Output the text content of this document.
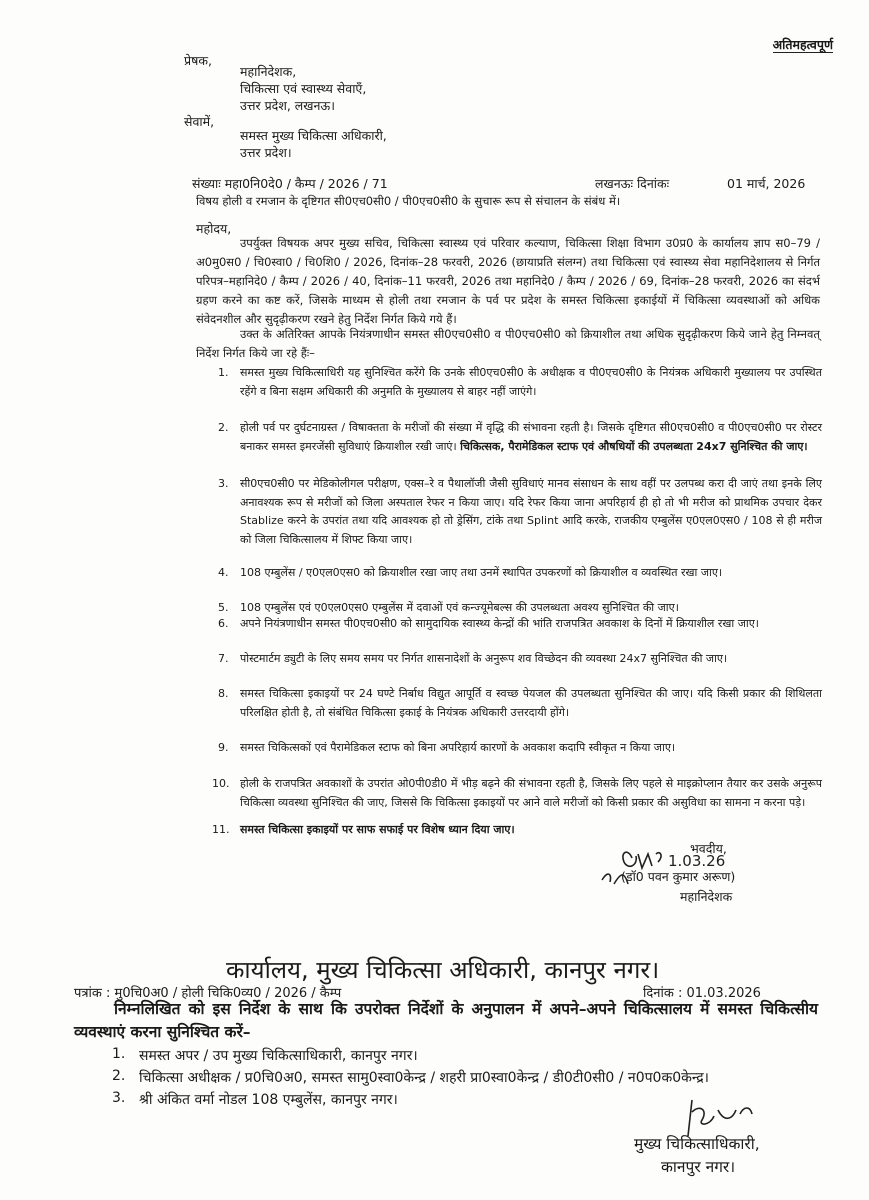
अतिमहत्वपूर्ण
प्रेषक,
महानिदेशक,
चिकित्सा एवं स्वास्थ्य सेवाएँ,
उत्तर प्रदेश, लखनऊ।
सेवामें,
समस्त मुख्य चिकित्सा अधिकारी,
उत्तर प्रदेश।
संख्याः महा0नि0दे0 / कैम्प / 2026 / 71	लखनऊः दिनांकः	01 मार्च, 2026
विषय होली व रमजान के दृष्टिगत सी0एच0सी0 / पी0एच0सी0 के सुचारू रूप से संचालन के संबंध में।
महोदय,
उपर्युक्त विषयक अपर मुख्य सचिव, चिकित्सा स्वास्थ्य एवं परिवार कल्याण, चिकित्सा शिक्षा विभाग उ0प्र0 के कार्यालय ज्ञाप स0–79 / अ0मु0स0 / चि0स्वा0 / चि0शि0 / 2026, दिनांक–28 फरवरी, 2026 (छायाप्रति संलग्न) तथा चिकित्सा एवं स्वास्थ्य सेवा महानिदेशालय से निर्गत परिपत्र–महानिदे0 / कैम्प / 2026 / 40, दिनांक–11 फरवरी, 2026 तथा महानिदे0 / कैम्प / 2026 / 69, दिनांक–28 फरवरी, 2026 का संदर्भ ग्रहण करने का कष्ट करें, जिसके माध्यम से होली तथा रमजान के पर्व पर प्रदेश के समस्त चिकित्सा इकाईयों में चिकित्सा व्यवस्थाओं को अधिक संवेदनशील और सुदृढ़ीकरण रखने हेतु निर्देश निर्गत किये गये हैं।
उक्त के अतिरिक्त आपके नियंत्रणाधीन समस्त सी0एच0सी0 व पी0एच0सी0 को क्रियाशील तथा अधिक सुदृढ़ीकरण किये जाने हेतु निम्नवत् निर्देश निर्गत किये जा रहे हैंः–
1. समस्त मुख्य चिकित्साधिरी यह सुनिश्चित करेंगे कि उनके सी0एच0सी0 के अधीक्षक व पी0एच0सी0 के नियंत्रक अधिकारी मुख्यालय पर उपस्थित रहेंगे व बिना सक्षम अधिकारी की अनुमति के मुख्यालय से बाहर नहीं जाएंगे।
2. होली पर्व पर दुर्घटनाग्रस्त / विषाक्तता के मरीजों की संख्या में वृद्धि की संभावना रहती है। जिसके दृष्टिगत सी0एच0सी0 व पी0एच0सी0 पर रोस्टर बनाकर समस्त इमरजेंसी सुविधाएं क्रियाशील रखी जाएं। चिकित्सक, पैरामेडिकल स्टाफ एवं औषधियों की उपलब्धता 24x7 सुनिश्चित की जाए।
3. सी0एच0सी0 पर मेडिकोलीगल परीक्षण, एक्स–रे व पैथालॉजी जैसी सुविधाएं मानव संसाधन के साथ वहीं पर उलपब्ध करा दी जाएं तथा इनके लिए अनावश्यक रूप से मरीजों को जिला अस्पताल रेफर न किया जाए। यदि रेफर किया जाना अपरिहार्य ही हो तो भी मरीज को प्राथमिक उपचार देकर Stablize करने के उपरांत तथा यदि आवश्यक हो तो ड्रेसिंग, टांके तथा Splint आदि करके, राजकीय एम्बुलेंस ए0एल0एस0 / 108 से ही मरीज को जिला चिकित्सालय में शिफ्ट किया जाए।
4. 108 एम्बुलेंस / ए0एल0एस0 को क्रियाशील रखा जाए तथा उनमें स्थापित उपकरणों को क्रियाशील व व्यवस्थित रखा जाए।
5. 108 एम्बुलेंस एवं ए0एल0एस0 एम्बुलेंस में दवाओं एवं कन्ज्यूमेबल्स की उपलब्धता अवश्य सुनिश्चित की जाए।
6. अपने नियंत्रणाधीन समस्त पी0एच0सी0 को सामुदायिक स्वास्थ्य केन्द्रों की भांति राजपत्रित अवकाश के दिनों में क्रियाशील रखा जाए।
7. पोस्टमार्टम ड्युटी के लिए समय समय पर निर्गत शासनादेशों के अनुरूप शव विच्छेदन की व्यवस्था 24x7 सुनिश्चित की जाए।
8. समस्त चिकित्सा इकाइयों पर 24 घण्टे निर्बाध विद्युत आपूर्ति व स्वच्छ पेयजल की उपलब्धता सुनिश्चित की जाए। यदि किसी प्रकार की शिथिलता परिलक्षित होती है, तो संबंधित चिकित्सा इकाई के नियंत्रक अधिकारी उत्तरदायी होंगे।
9. समस्त चिकित्सकों एवं पैरामेडिकल स्टाफ को बिना अपरिहार्य कारणों के अवकाश कदापि स्वीकृत न किया जाए।
10. होली के राजपत्रित अवकाशों के उपरांत ओ0पी0डी0 में भीड़ बढ़ने की संभावना रहती है, जिसके लिए पहले से माइक्रोप्लान तैयार कर उसके अनुरूप चिकित्सा व्यवस्था सुनिश्चित की जाए, जिससे कि चिकित्सा इकाइयों पर आने वाले मरीजों को किसी प्रकार की असुविधा का सामना न करना पड़े।
11. समस्त चिकित्सा इकाइयों पर साफ सफाई पर विशेष ध्यान दिया जाए।
भवदीय,
1.03.26
(डॉ0 पवन कुमार अरूण)
महानिदेशक
कार्यालय, मुख्य चिकित्सा अधिकारी, कानपुर नगर।
पत्रांक : मु0चि0अ0 / होली चिकि0व्य0 / 2026 / कैम्प	दिनांक : 01.03.2026
निम्नलिखित को इस निर्देश के साथ कि उपरोक्त निर्देशों के अनुपालन में अपने–अपने चिकित्सालय में समस्त चिकित्सीय व्यवस्थाएं करना सुनिश्चित करें–
1. समस्त अपर / उप मुख्य चिकित्साधिकारी, कानपुर नगर।
2. चिकित्सा अधीक्षक / प्र0चि0अ0, समस्त सामु0स्वा0केन्द्र / शहरी प्रा0स्वा0केन्द्र / डी0टी0सी0 / न0प0क0केन्द्र।
3. श्री अंकित वर्मा नोडल 108 एम्बुलेंस, कानपुर नगर।
मुख्य चिकित्साधिकारी,
कानपुर नगर।
